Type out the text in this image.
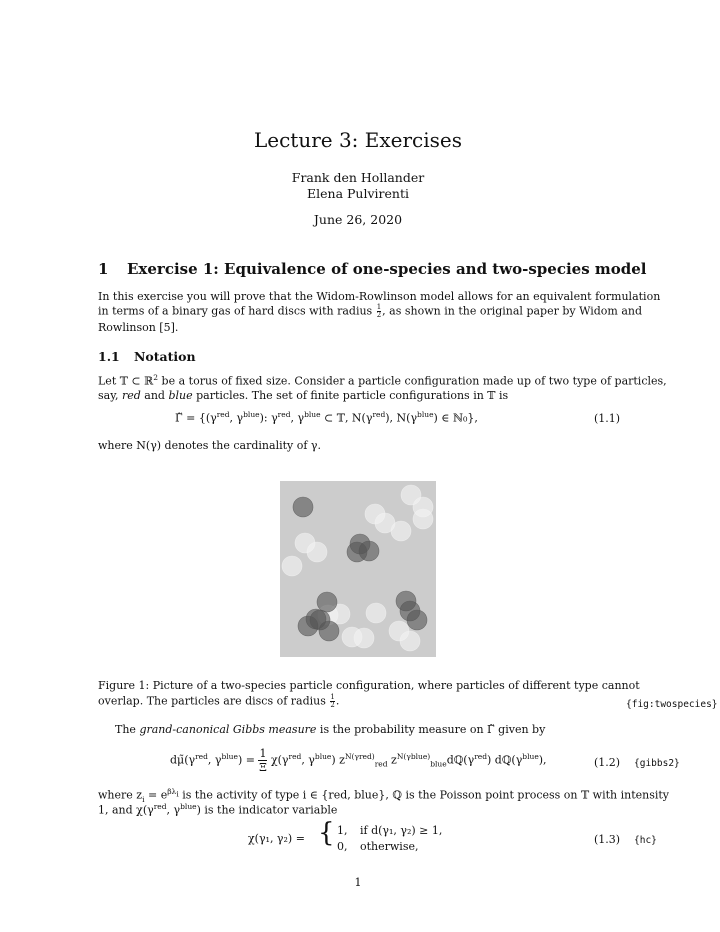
Lecture 3: Exercises
Frank den Hollander
Elena Pulvirenti
June 26, 2020
1 Exercise 1: Equivalence of one-species and two-species model
In this exercise you will prove that the Widom-Rowlinson model allows for an equivalent formulation
in terms of a binary gas of hard discs with radius $\frac{1}{2}$ , as shown in the original paper by Widom and
Rowlinson [5].
1.1 Notation
Let 𝕋 ⊂ ℝ$^2$ be a torus of fixed size. Consider a particle configuration made up of two type of particles,
say, red and blue particles. The set of finite particle configurations in 𝕋 is
Γ̃ = {($\gamma^{red}$, $\gamma^{blue}$): $\gamma^{red}$, $\gamma^{blue}$ ⊂ 𝕋, $N(\gamma^{red})$, $N(\gamma^{blue})$ ∈ ℕ₀},	(1.1)
where N(γ) denotes the cardinality of γ.
Figure 1: Picture of a two-species particle configuration, where particles of different type cannot
overlap. The particles are discs of radius $\frac{1}{2}$ .	{fig:twospecies}
The grand-canonical Gibbs measure is the probability measure on Γ̃ given by
$d\mũ(\gamma^{red}$, $\gamma^{blue}) = \frac{1}{\Xi} \chi(\gamma^{red}$, $\gamma^{blue}$) $z^{N(\gamma red)}_{red}$ $z^{N(\gamma blue)}_{blue}dℚ(\gamma^{red})$ $dℚ(\gamma^{blue})$,	(1.2) {gibbs2}
where $z_i = e^{\beta\lambda_i}$ is the activity of type i ∈ {red, blue}, ℚ is the Poisson point process on 𝕋 with intensity
1, and $\chi(\gamma^{red}$, $\gamma^{blue}$) is the indicator variable
χ(γ₁, γ₂) = { 1, if d(γ₁, γ₂) ≥ 1,
0, otherwise,
(1.3) {hc}
1
